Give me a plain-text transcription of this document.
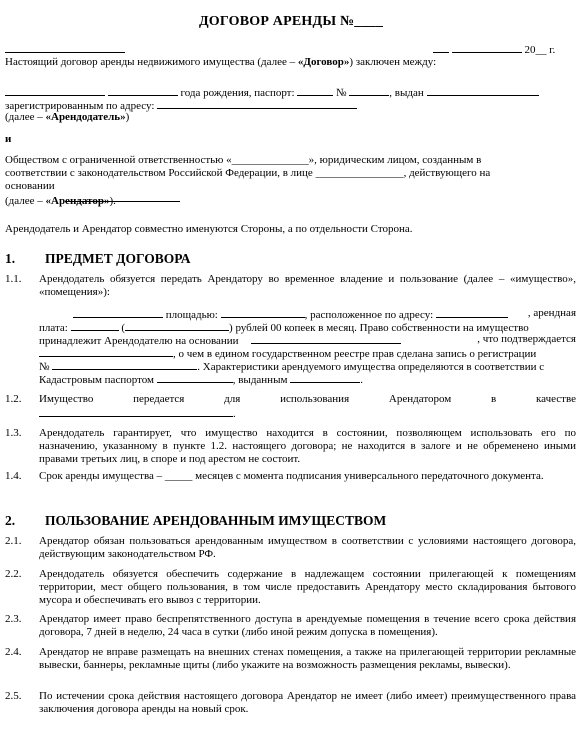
ДОГОВОР АРЕНДЫ №____
20__ г.
Настоящий договор аренды недвижимого имущества (далее – «Договор») заключен между:
года рождения, паспорт:	№	, выдан
зарегистрированным по адресу:
(далее – «Арендодатель»)
и
Обществом с ограниченной ответственностью «______________», юридическим лицом, созданным в
соответствии с законодательством Российской Федерации, в лице ________________, действующего на
основании
(далее – «Арендатор»).
Арендодатель и Арендатор совместно именуются Стороны, а по отдельности Сторона.
1. ПРЕДМЕТ ДОГОВОРА
1.1. Арендодатель обязуется передать Арендатору во временное владение и пользование (далее – «имущество», «помещения»):
площадью:	, расположенное по адресу:	, арендная
плата:	(	) рублей 00 копеек в месяц. Право собственности на имущество
принадлежит Арендодателю на основании	, что подтверждается
, о чем в едином государственном реестре прав сделана запись о регистрации
№	. Характеристики арендуемого имущества определяются в соответствии с
Кадастровым паспортом	, выданным	.
1.2. Имущество передается для использования Арендатором в качестве
.
1.3. Арендодатель гарантирует, что имущество находится в состоянии, позволяющем использовать его по назначению, указанному в пункте 1.2. настоящего договора; не находится в залоге и не обременено иными правами третьих лиц, в споре и под арестом не состоит.
1.4. Срок аренды имущества – _____ месяцев с момента подписания универсального передаточного документа.
2. ПОЛЬЗОВАНИЕ АРЕНДОВАННЫМ ИМУЩЕСТВОМ
2.1. Арендатор обязан пользоваться арендованным имуществом в соответствии с условиями настоящего договора, действующим законодательством РФ.
2.2. Арендодатель обязуется обеспечить содержание в надлежащем состоянии прилегающей к помещениям территории, мест общего пользования, в том числе предоставить Арендатору место складирования бытового мусора и обеспечивать его вывоз с территории.
2.3. Арендатор имеет право беспрепятственного доступа в арендуемые помещения в течение всего срока действия договора, 7 дней в неделю, 24 часа в сутки (либо иной режим допуска в помещения).
2.4. Арендатор не вправе размещать на внешних стенах помещения, а также на прилегающей территории рекламные вывески, баннеры, рекламные щиты (либо укажите на возможность размещения рекламы, вывески).
2.5. По истечении срока действия настоящего договора Арендатор не имеет (либо имеет) преимущественного права заключения договора аренды на новый срок.
